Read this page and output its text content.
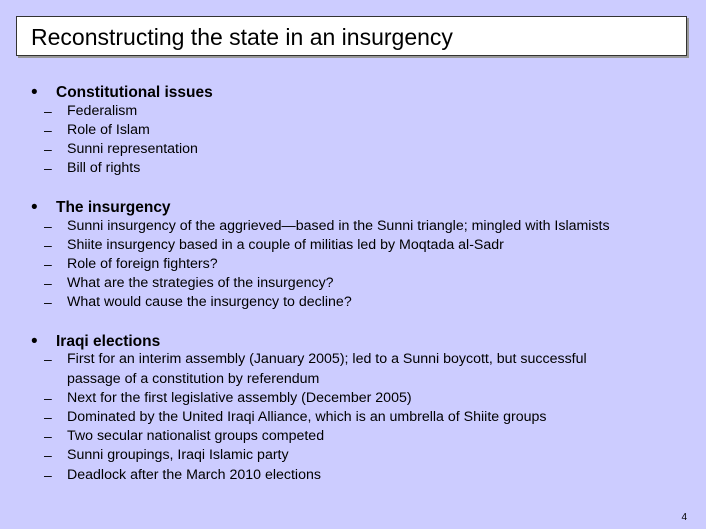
Reconstructing the state in an insurgency
• Constitutional issues
– Federalism
– Role of Islam
– Sunni representation
– Bill of rights
• The insurgency
– Sunni insurgency of the aggrieved—based in the Sunni triangle; mingled with Islamists
– Shiite insurgency based in a couple of militias led by Moqtada al-Sadr
– Role of foreign fighters?
– What are the strategies of the insurgency?
– What would cause the insurgency to decline?
• Iraqi elections
– First for an interim assembly (January 2005); led to a Sunni boycott, but successful
passage of a constitution by referendum
– Next for the first legislative assembly (December 2005)
– Dominated by the United Iraqi Alliance, which is an umbrella of Shiite groups
– Two secular nationalist groups competed
– Sunni groupings, Iraqi Islamic party
– Deadlock after the March 2010 elections
4
